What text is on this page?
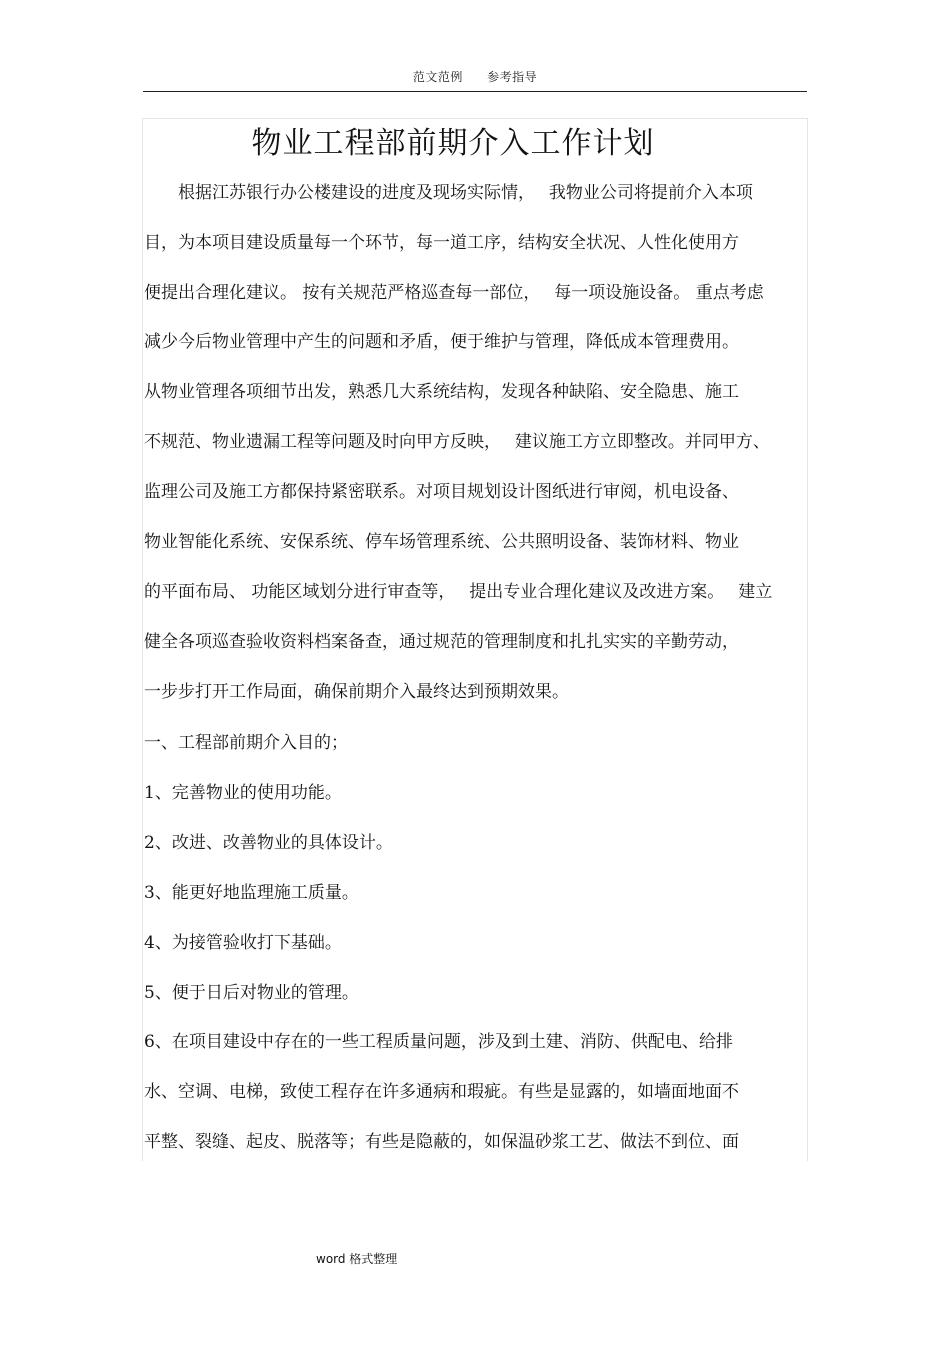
范文范例 参考指导
物业工程部前期介入工作计划
　　根据江苏银行办公楼建设的进度及现场实际情，　 我物业公司将提前介入本项
目，为本项目建设质量每一个环节，每一道工序，结构安全状况、人性化使用方
便提出合理化建议。 按有关规范严格巡查每一部位，　 每一项设施设备。 重点考虑
减少今后物业管理中产生的问题和矛盾，便于维护与管理，降低成本管理费用。
从物业管理各项细节出发，熟悉几大系统结构，发现各种缺陷、安全隐患、施工
不规范、物业遗漏工程等问题及时向甲方反映，　 建议施工方立即整改。并同甲方、
监理公司及施工方都保持紧密联系。对项目规划设计图纸进行审阅，机电设备、
物业智能化系统、安保系统、停车场管理系统、公共照明设备、装饰材料、物业
的平面布局、 功能区域划分进行审查等，　 提出专业合理化建议及改进方案。　 建立
健全各项巡查验收资料档案备查，通过规范的管理制度和扎扎实实的辛勤劳动，
一步步打开工作局面，确保前期介入最终达到预期效果。
一、工程部前期介入目的；
1、完善物业的使用功能。
2、改进、改善物业的具体设计。
3、能更好地监理施工质量。
4、为接管验收打下基础。
5、便于日后对物业的管理。
6、在项目建设中存在的一些工程质量问题，涉及到土建、消防、供配电、给排
水、空调、电梯，致使工程存在许多通病和瑕疵。有些是显露的，如墙面地面不
平整、裂缝、起皮、脱落等；有些是隐蔽的，如保温砂浆工艺、做法不到位、面
word 格式整理
